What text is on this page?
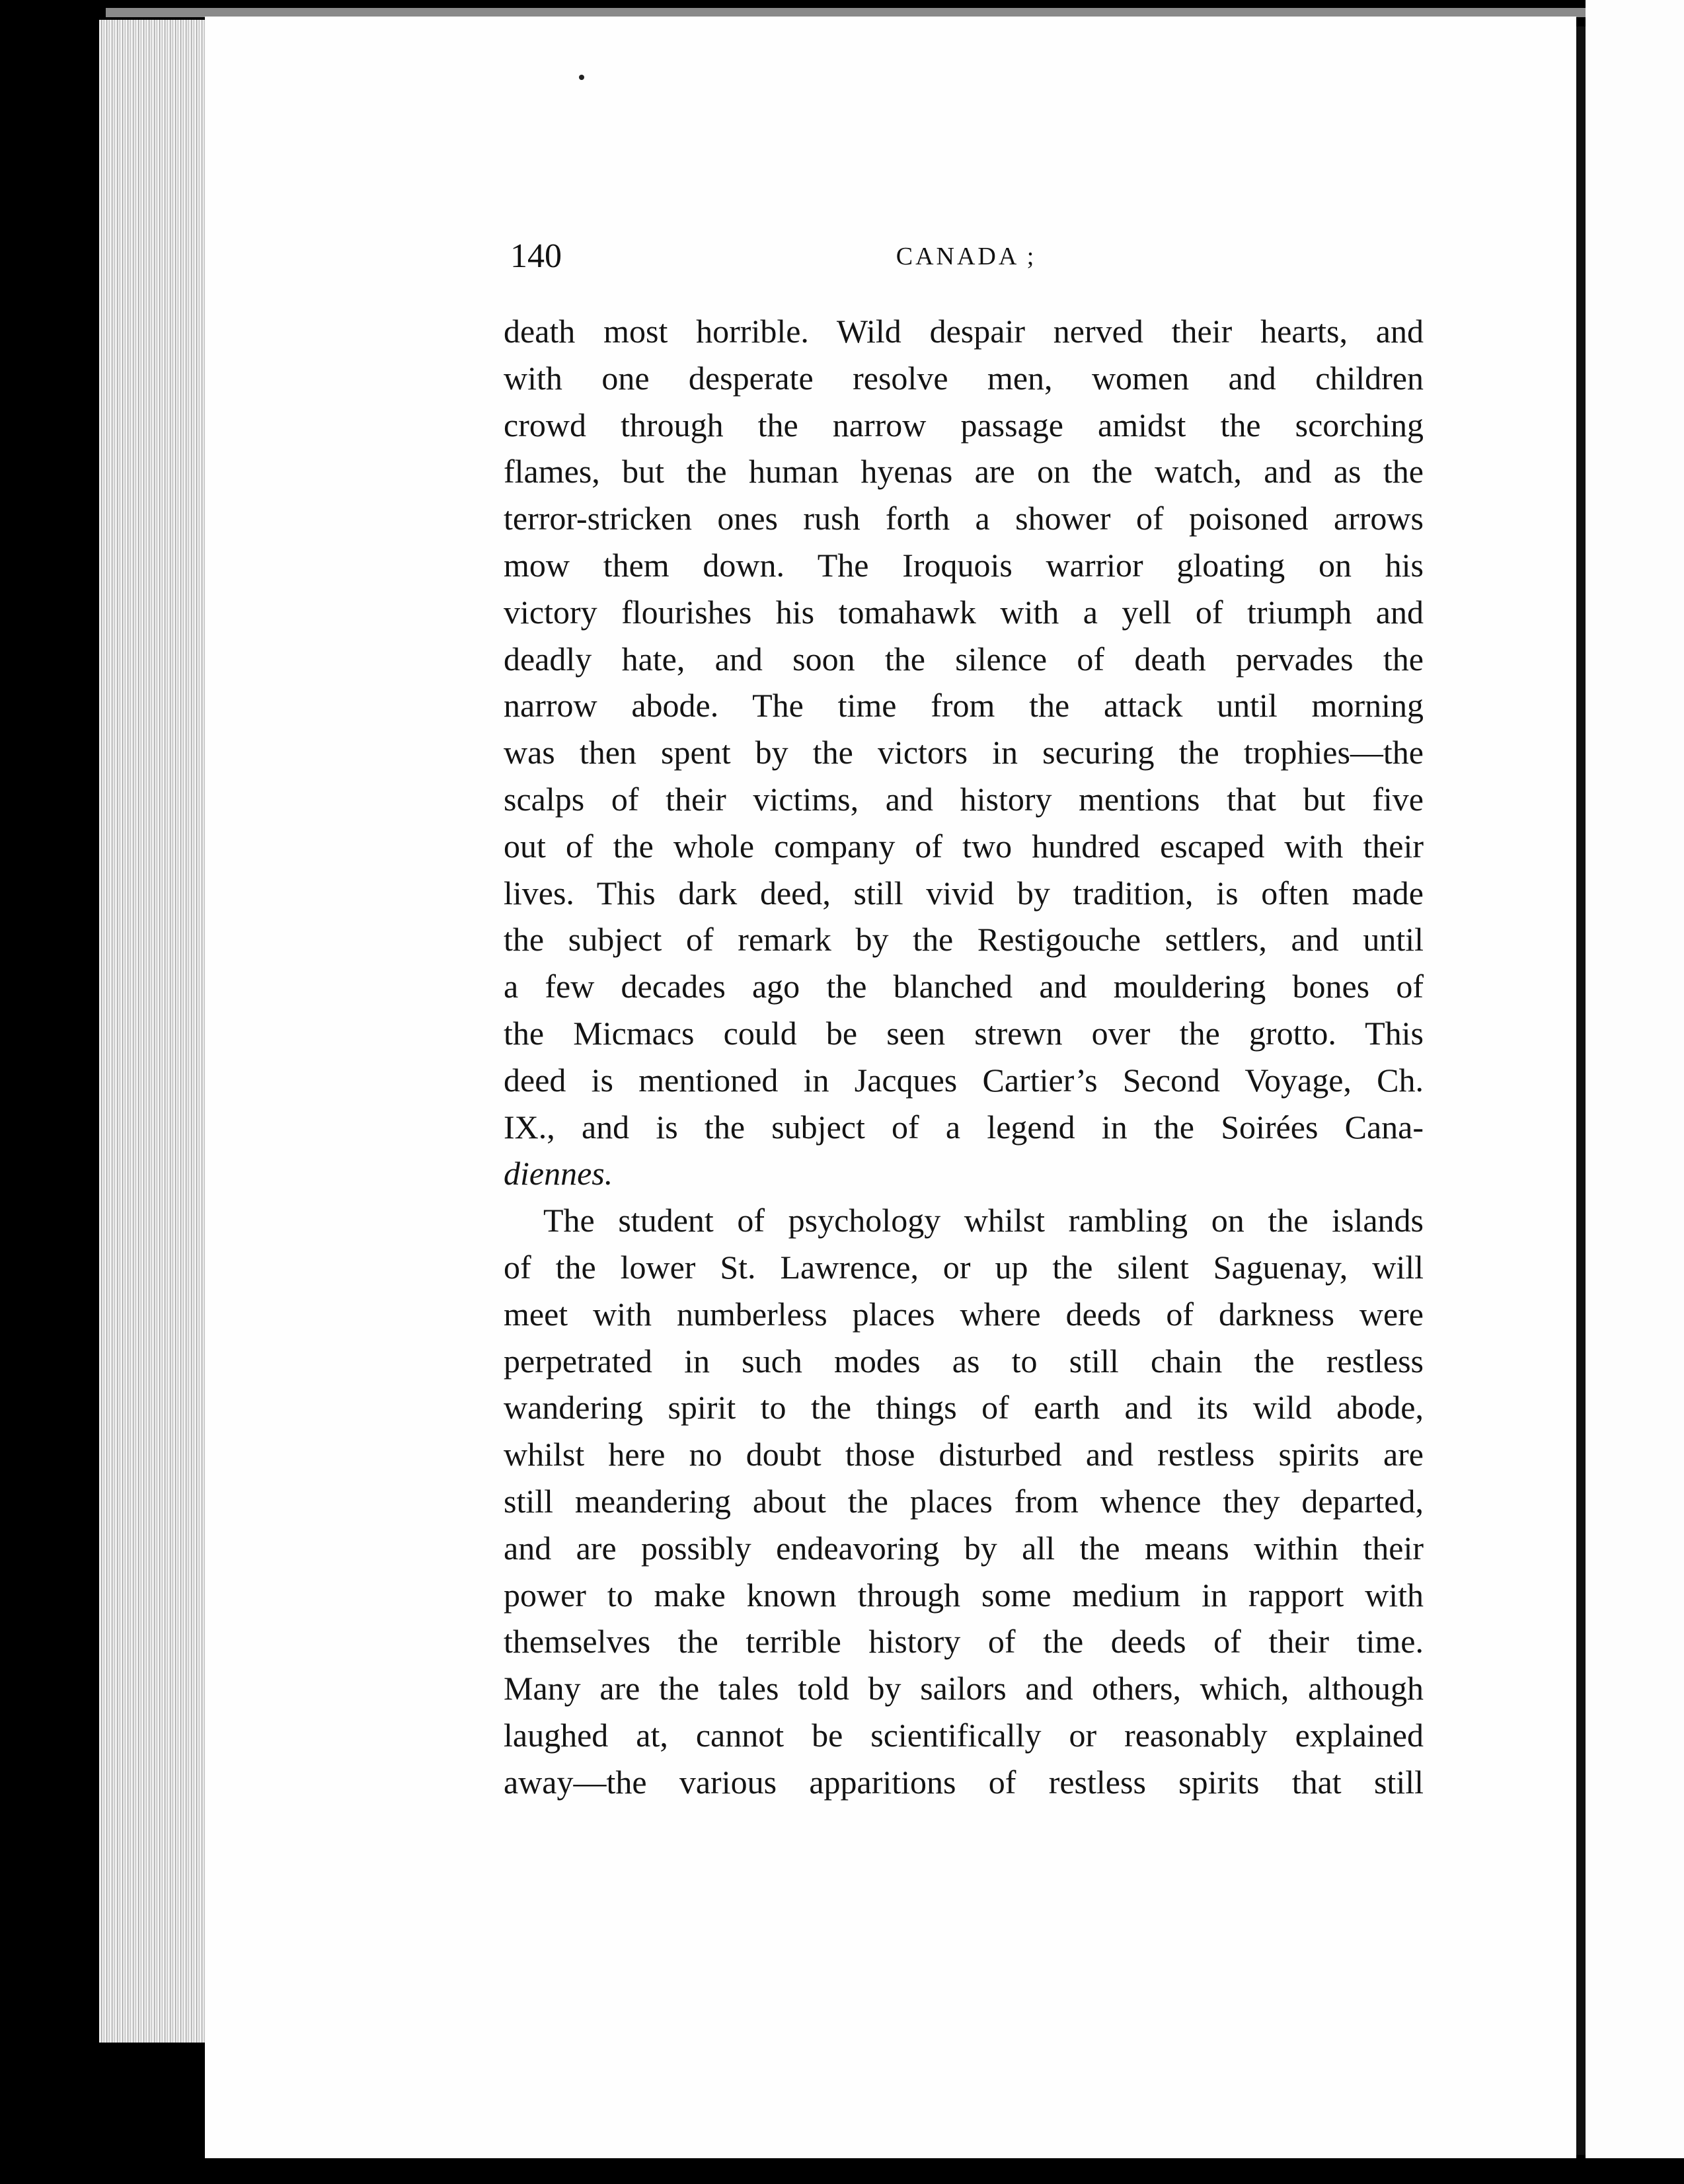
140	CANADA ;

death most horrible. Wild despair nerved their hearts, and
with one desperate resolve men, women and children
crowd through the narrow passage amidst the scorching
flames, but the human hyenas are on the watch, and as the
terror-stricken ones rush forth a shower of poisoned arrows
mow them down. The Iroquois warrior gloating on his
victory flourishes his tomahawk with a yell of triumph and
deadly hate, and soon the silence of death pervades the
narrow abode. The time from the attack until morning
was then spent by the victors in securing the trophies—the
scalps of their victims, and history mentions that but five
out of the whole company of two hundred escaped with their
lives. This dark deed, still vivid by tradition, is often made
the subject of remark by the Restigouche settlers, and until
a few decades ago the blanched and mouldering bones of
the Micmacs could be seen strewn over the grotto. This
deed is mentioned in Jacques Cartier’s Second Voyage, Ch.
IX., and is the subject of a legend in the Soirées Cana-
diennes.

The student of psychology whilst rambling on the islands
of the lower St. Lawrence, or up the silent Saguenay, will
meet with numberless places where deeds of darkness were
perpetrated in such modes as to still chain the restless
wandering spirit to the things of earth and its wild abode,
whilst here no doubt those disturbed and restless spirits are
still meandering about the places from whence they departed,
and are possibly endeavoring by all the means within their
power to make known through some medium in rapport with
themselves the terrible history of the deeds of their time.
Many are the tales told by sailors and others, which, although
laughed at, cannot be scientifically or reasonably explained
away—the various apparitions of restless spirits that still
